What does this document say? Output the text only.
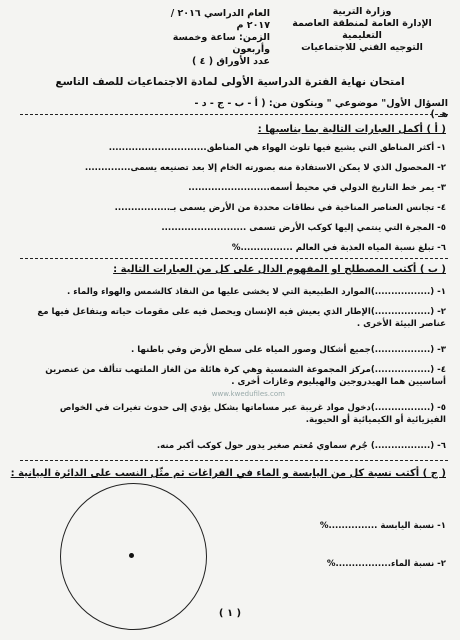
وزارة التربية
الإدارة العامة لمنطقة العاصمة التعليمية
التوجيه الفني للاجتماعيات
العام الدراسي ٢٠١٦ / ٢٠١٧ م
الزمن: ساعة وخمسة وأربعون
عدد الأوراق ( ٤ )
امتحان نهاية الفترة الدراسية الأولى لمادة الاجتماعيات للصف التاسع
السؤال الأول" موضوعي " ويتكون من: ( أ - ب - ج - د - هـ )
( أ ) أكمل العبارات التالية بما يناسبها :
١- أكثر المناطق التي يشيع فيها تلوث الهواء هي المناطق..............................
٢- المحصول الذي لا يمكن الاستفادة منه بصورته الخام إلا بعد تصنيعه يسمى..............
٣- يمر خط التاريخ الدولي في محيط أسمه.........................
٤- تجانس العناصر المناخية في نطاقات محددة من الأرض يسمى بـ.................
٥- المجرة التي ينتمي إليها كوكب الأرض تسمى ..........................
٦- تبلغ نسبة المياه العذبة في العالم ................%
( ب ) أكتب المصطلح او المفهوم الدال على كل من العبارات التالية :
١- (.................)الموارد الطبيعية التي لا يخشى عليها من النفاذ كالشمس والهواء والماء .
٢- (.................)الإطار الذي يعيش فيه الإنسان ويحصل فيه على مقومات حياته ويتفاعل فيها مع عناصر البيئة الأخرى .
٣- (.................)جميع أشكال وصور المياه على سطح الأرض وفي باطنها .
٤- (.................)مركز المجموعة الشمسية وهي كرة هائلة من الغاز الملتهب تتألف من عنصرين أساسيين هما الهيدروجين والهيليوم وغازات أخرى .
٥- (.................)دخول مواد غريبة عبر مساماتها بشكل يؤدي إلى حدوث تغيرات في الخواص الفيزيائية أو الكيميائية أو الحيوية.
٦- (.................) جُرم سماوي مُعتم صغير يدور حول كوكب أكبر منه.
( ج ) أكتب نسبة كل من اليابسة و الماء في الفراغات ثم مثّل النسب على الدائرة البيانية :
١- نسبة اليابسة ...............%
٢- نسبة الماء.................%
www.kwedufiles.com
( ١ )
